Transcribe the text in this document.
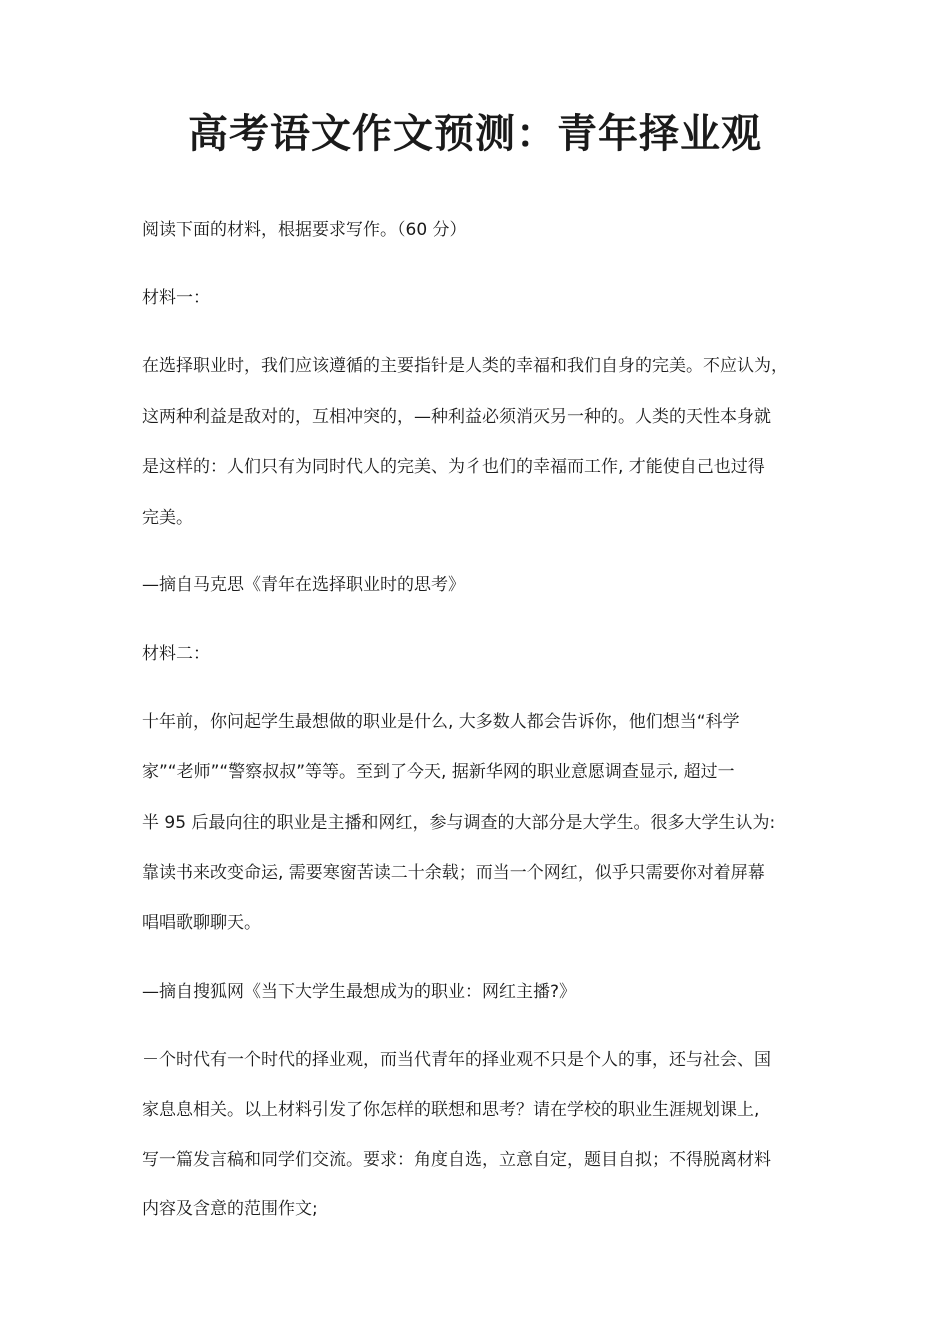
高考语文作文预测：青年择业观

阅读下面的材料，根据要求写作。（60 分）

材料一：

在选择职业时，我们应该遵循的主要指针是人类的幸福和我们自身的完美。不应认为，

这两种利益是敌对的，互相冲突的，—种利益必须消灭另一种的。人类的天性本身就

是这样的：人们只有为同时代人的完美、为彳也们的幸福而工作, 才能使自己也过得

完美。

—摘自马克思《青年在选择职业时的思考》

材料二：

十年前，你问起学生最想做的职业是什么, 大多数人都会告诉你，他们想当“科学

家”“老师”“警察叔叔”等等。至到了今天, 据新华网的职业意愿调查显示, 超过一

半 95 后最向往的职业是主播和网红，参与调查的大部分是大学生。很多大学生认为:

靠读书来改变命运, 需要寒窗苦读二十余载；而当一个网红，似乎只需要你对着屏幕

唱唱歌聊聊天。

—摘自搜狐网《当下大学生最想成为的职业：网红主播?》

－个时代有一个时代的择业观，而当代青年的择业观不只是个人的事，还与社会、国

家息息相关。以上材料引发了你怎样的联想和思考？请在学校的职业生涯规划课上,

写一篇发言稿和同学们交流。要求：角度自选，立意自定，题目自拟；不得脱离材料

内容及含意的范围作文;
